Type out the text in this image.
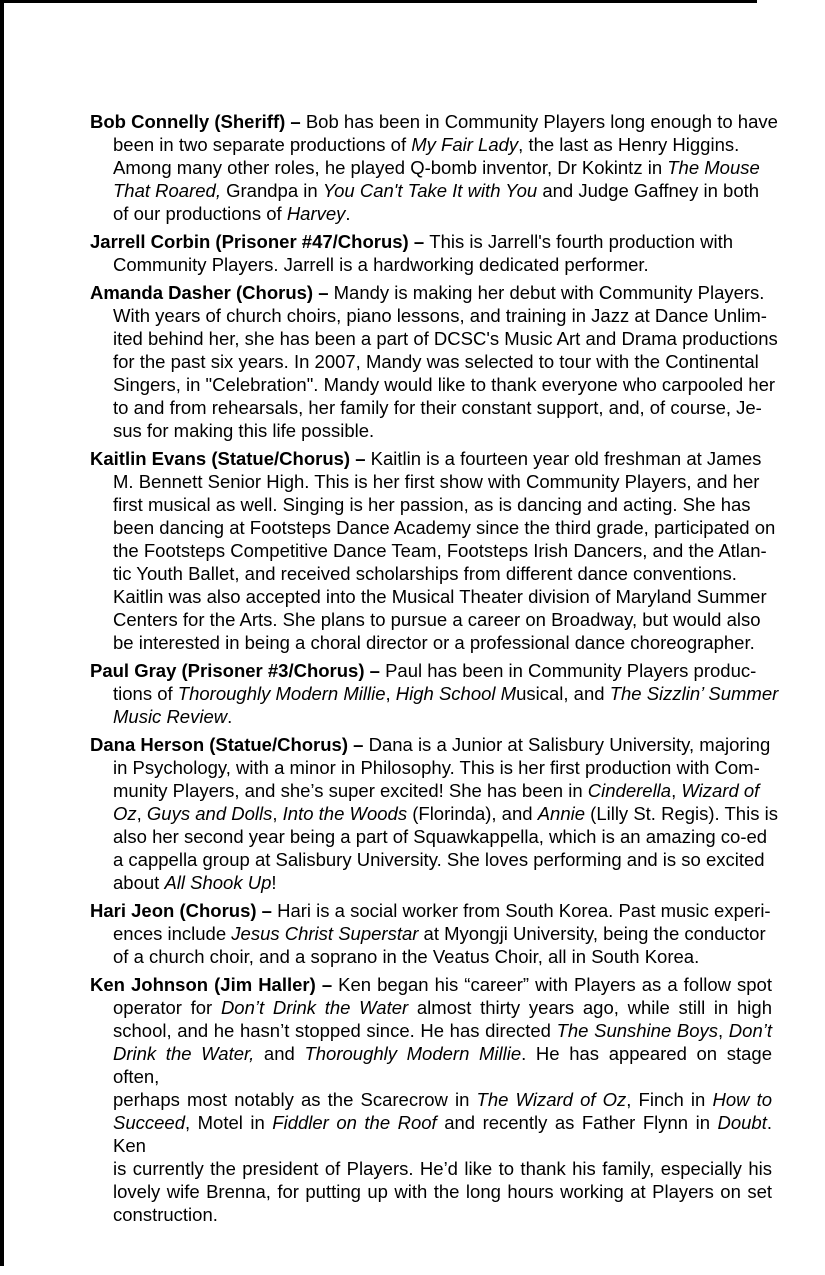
Bob Connelly (Sheriff) – Bob has been in Community Players long enough to have
been in two separate productions of My Fair Lady, the last as Henry Higgins.
Among many other roles, he played Q-bomb inventor, Dr Kokintz in The Mouse
That Roared, Grandpa in You Can't Take It with You and Judge Gaffney in both
of our productions of Harvey.
Jarrell Corbin (Prisoner #47/Chorus) – This is Jarrell's fourth production with
Community Players. Jarrell is a hardworking dedicated performer.
Amanda Dasher (Chorus) – Mandy is making her debut with Community Players.
With years of church choirs, piano lessons, and training in Jazz at Dance Unlim-
ited behind her, she has been a part of DCSC's Music Art and Drama productions
for the past six years. In 2007, Mandy was selected to tour with the Continental
Singers, in "Celebration". Mandy would like to thank everyone who carpooled her
to and from rehearsals, her family for their constant support, and, of course, Je-
sus for making this life possible.
Kaitlin Evans (Statue/Chorus) – Kaitlin is a fourteen year old freshman at James
M. Bennett Senior High. This is her first show with Community Players, and her
first musical as well. Singing is her passion, as is dancing and acting. She has
been dancing at Footsteps Dance Academy since the third grade, participated on
the Footsteps Competitive Dance Team, Footsteps Irish Dancers, and the Atlan-
tic Youth Ballet, and received scholarships from different dance conventions.
Kaitlin was also accepted into the Musical Theater division of Maryland Summer
Centers for the Arts. She plans to pursue a career on Broadway, but would also
be interested in being a choral director or a professional dance choreographer.
Paul Gray (Prisoner #3/Chorus) – Paul has been in Community Players produc-
tions of Thoroughly Modern Millie, High School Musical, and The Sizzlin’ Summer
Music Review.
Dana Herson (Statue/Chorus) – Dana is a Junior at Salisbury University, majoring
in Psychology, with a minor in Philosophy. This is her first production with Com-
munity Players, and she’s super excited! She has been in Cinderella, Wizard of
Oz, Guys and Dolls, Into the Woods (Florinda), and Annie (Lilly St. Regis). This is
also her second year being a part of Squawkappella, which is an amazing co-ed
a cappella group at Salisbury University. She loves performing and is so excited
about All Shook Up!
Hari Jeon (Chorus) – Hari is a social worker from South Korea. Past music experi-
ences include Jesus Christ Superstar at Myongji University, being the conductor
of a church choir, and a soprano in the Veatus Choir, all in South Korea.
Ken Johnson (Jim Haller) – Ken began his “career” with Players as a follow spot
operator for Don’t Drink the Water almost thirty years ago, while still in high
school, and he hasn’t stopped since. He has directed The Sunshine Boys, Don’t
Drink the Water, and Thoroughly Modern Millie. He has appeared on stage often,
perhaps most notably as the Scarecrow in The Wizard of Oz, Finch in How to
Succeed, Motel in Fiddler on the Roof and recently as Father Flynn in Doubt. Ken
is currently the president of Players. He’d like to thank his family, especially his
lovely wife Brenna, for putting up with the long hours working at Players on set
construction.
